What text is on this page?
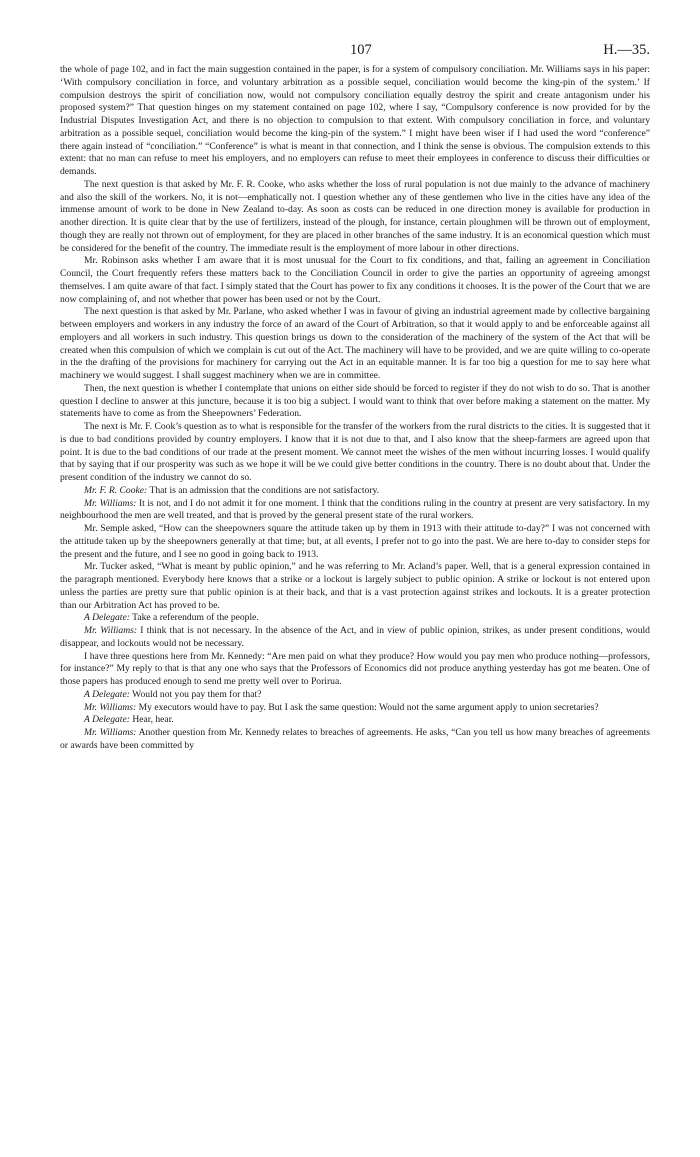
107	H.—35.

the whole of page 102, and in fact the main suggestion contained in the paper, is for a system of compulsory conciliation. Mr. Williams says in his paper: ‘With compulsory conciliation in force, and voluntary arbitration as a possible sequel, conciliation would become the king-pin of the system.’ If compulsion destroys the spirit of conciliation now, would not compulsory conciliation equally destroy the spirit and create antagonism under his proposed system?” That question hinges on my statement contained on page 102, where I say, “Compulsory conference is now provided for by the Industrial Disputes Investigation Act, and there is no objection to compulsion to that extent. With compulsory conciliation in force, and voluntary arbitration as a possible sequel, conciliation would become the king-pin of the system.” I might have been wiser if I had used the word “conference” there again instead of “conciliation.” “Conference” is what is meant in that connection, and I think the sense is obvious. The compulsion extends to this extent: that no man can refuse to meet his employers, and no employers can refuse to meet their employees in conference to discuss their difficulties or demands.

The next question is that asked by Mr. F. R. Cooke, who asks whether the loss of rural population is not due mainly to the advance of machinery and also the skill of the workers. No, it is not—emphatically not. I question whether any of these gentlemen who live in the cities have any idea of the immense amount of work to be done in New Zealand to-day. As soon as costs can be reduced in one direction money is available for production in another direction. It is quite clear that by the use of fertilizers, instead of the plough, for instance, certain ploughmen will be thrown out of employment, though they are really not thrown out of employment, for they are placed in other branches of the same industry. It is an economical question which must be considered for the benefit of the country. The immediate result is the employment of more labour in other directions.

Mr. Robinson asks whether I am aware that it is most unusual for the Court to fix conditions, and that, failing an agreement in Conciliation Council, the Court frequently refers these matters back to the Conciliation Council in order to give the parties an opportunity of agreeing amongst themselves. I am quite aware of that fact. I simply stated that the Court has power to fix any conditions it chooses. It is the power of the Court that we are now complaining of, and not whether that power has been used or not by the Court.

The next question is that asked by Mr. Parlane, who asked whether I was in favour of giving an industrial agreement made by collective bargaining between employers and workers in any industry the force of an award of the Court of Arbitration, so that it would apply to and be enforceable against all employers and all workers in such industry. This question brings us down to the consideration of the machinery of the system of the Act that will be created when this compulsion of which we complain is cut out of the Act. The machinery will have to be provided, and we are quite willing to co-operate in the the drafting of the provisions for machinery for carrying out the Act in an equitable manner. It is far too big a question for me to say here what machinery we would suggest. I shall suggest machinery when we are in committee.

Then, the next question is whether I contemplate that unions on either side should be forced to register if they do not wish to do so. That is another question I decline to answer at this juncture, because it is too big a subject. I would want to think that over before making a statement on the matter. My statements have to come as from the Sheepowners’ Federation.

The next is Mr. F. Cook’s question as to what is responsible for the transfer of the workers from the rural districts to the cities. It is suggested that it is due to bad conditions provided by country employers. I know that it is not due to that, and I also know that the sheep-farmers are agreed upon that point. It is due to the bad conditions of our trade at the present moment. We cannot meet the wishes of the men without incurring losses. I would qualify that by saying that if our prosperity was such as we hope it will be we could give better conditions in the country. There is no doubt about that. Under the present condition of the industry we cannot do so.

Mr. F. R. Cooke: That is an admission that the conditions are not satisfactory.

Mr. Williams: It is not, and I do not admit it for one moment. I think that the conditions ruling in the country at present are very satisfactory. In my neighbourhood the men are well treated, and that is proved by the general present state of the rural workers.

Mr. Semple asked, “How can the sheepowners square the attitude taken up by them in 1913 with their attitude to-day?” I was not concerned with the attitude taken up by the sheepowners generally at that time; but, at all events, I prefer not to go into the past. We are here to-day to consider steps for the present and the future, and I see no good in going back to 1913.

Mr. Tucker asked, “What is meant by public opinion,” and he was referring to Mr. Acland’s paper. Well, that is a general expression contained in the paragraph mentioned. Everybody here knows that a strike or a lockout is largely subject to public opinion. A strike or lockout is not entered upon unless the parties are pretty sure that public opinion is at their back, and that is a vast protection against strikes and lockouts. It is a greater protection than our Arbitration Act has proved to be.

A Delegate: Take a referendum of the people.

Mr. Williams: I think that is not necessary. In the absence of the Act, and in view of public opinion, strikes, as under present conditions, would disappear, and lockouts would not be necessary.

I have three questions here from Mr. Kennedy: “Are men paid on what they produce? How would you pay men who produce nothing—professors, for instance?” My reply to that is that any one who says that the Professors of Economics did not produce anything yesterday has got me beaten. One of those papers has produced enough to send me pretty well over to Porirua.

A Delegate: Would not you pay them for that?

Mr. Williams: My executors would have to pay. But I ask the same question: Would not the same argument apply to union secretaries?

A Delegate: Hear, hear.

Mr. Williams: Another question from Mr. Kennedy relates to breaches of agreements. He asks, “Can you tell us how many breaches of agreements or awards have been committed by
